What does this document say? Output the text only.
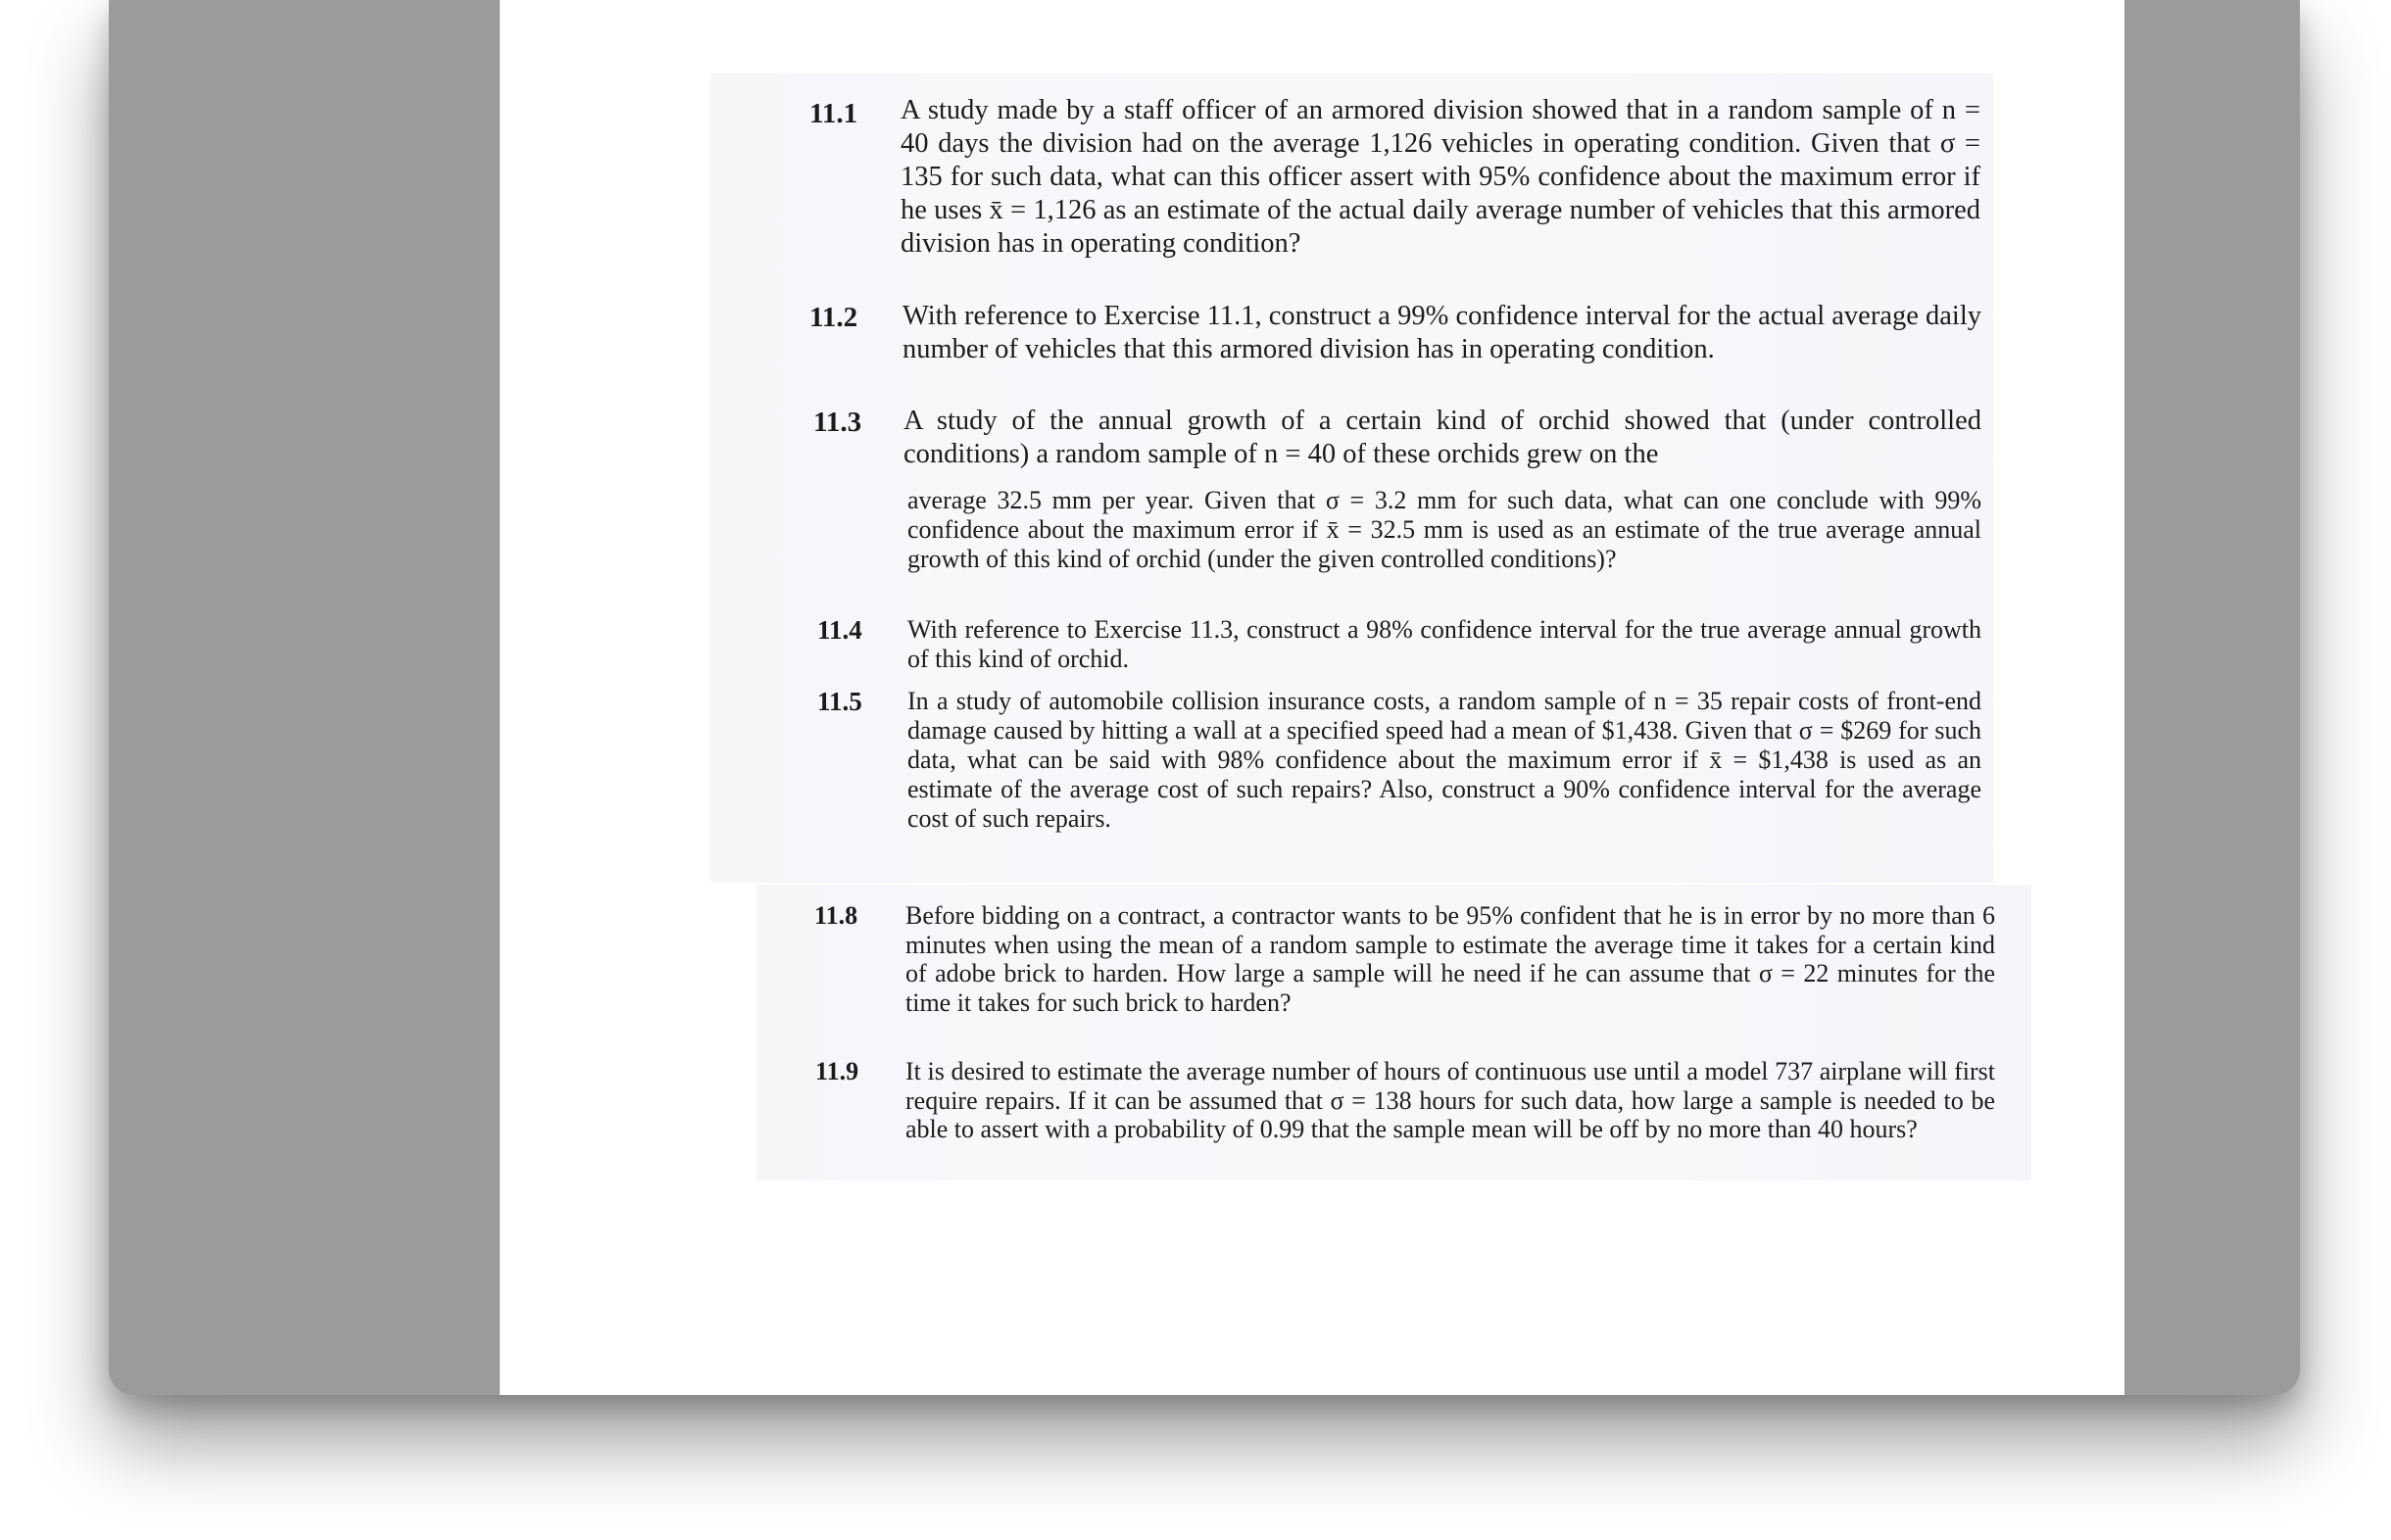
11.1 A study made by a staff officer of an armored division showed that in a random sample of n = 40 days the division had on the average 1,126 vehicles in operating condition. Given that σ = 135 for such data, what can this officer assert with 95% confidence about the maximum error if he uses x̄ = 1,126 as an estimate of the actual daily average number of vehicles that this armored division has in operating condition?

11.2 With reference to Exercise 11.1, construct a 99% confidence interval for the actual average daily number of vehicles that this armored division has in operating condition.

11.3 A study of the annual growth of a certain kind of orchid showed that (under controlled conditions) a random sample of n = 40 of these orchids grew on the

average 32.5 mm per year. Given that σ = 3.2 mm for such data, what can one conclude with 99% confidence about the maximum error if x̄ = 32.5 mm is used as an estimate of the true average annual growth of this kind of orchid (under the given controlled conditions)?

11.4 With reference to Exercise 11.3, construct a 98% confidence interval for the true average annual growth of this kind of orchid.

11.5 In a study of automobile collision insurance costs, a random sample of n = 35 repair costs of front-end damage caused by hitting a wall at a specified speed had a mean of $1,438. Given that σ = $269 for such data, what can be said with 98% confidence about the maximum error if x̄ = $1,438 is used as an estimate of the average cost of such repairs? Also, construct a 90% confidence interval for the average cost of such repairs.

11.8 Before bidding on a contract, a contractor wants to be 95% confident that he is in error by no more than 6 minutes when using the mean of a random sample to estimate the average time it takes for a certain kind of adobe brick to harden. How large a sample will he need if he can assume that σ = 22 minutes for the time it takes for such brick to harden?

11.9 It is desired to estimate the average number of hours of continuous use until a model 737 airplane will first require repairs. If it can be assumed that σ = 138 hours for such data, how large a sample is needed to be able to assert with a probability of 0.99 that the sample mean will be off by no more than 40 hours?
